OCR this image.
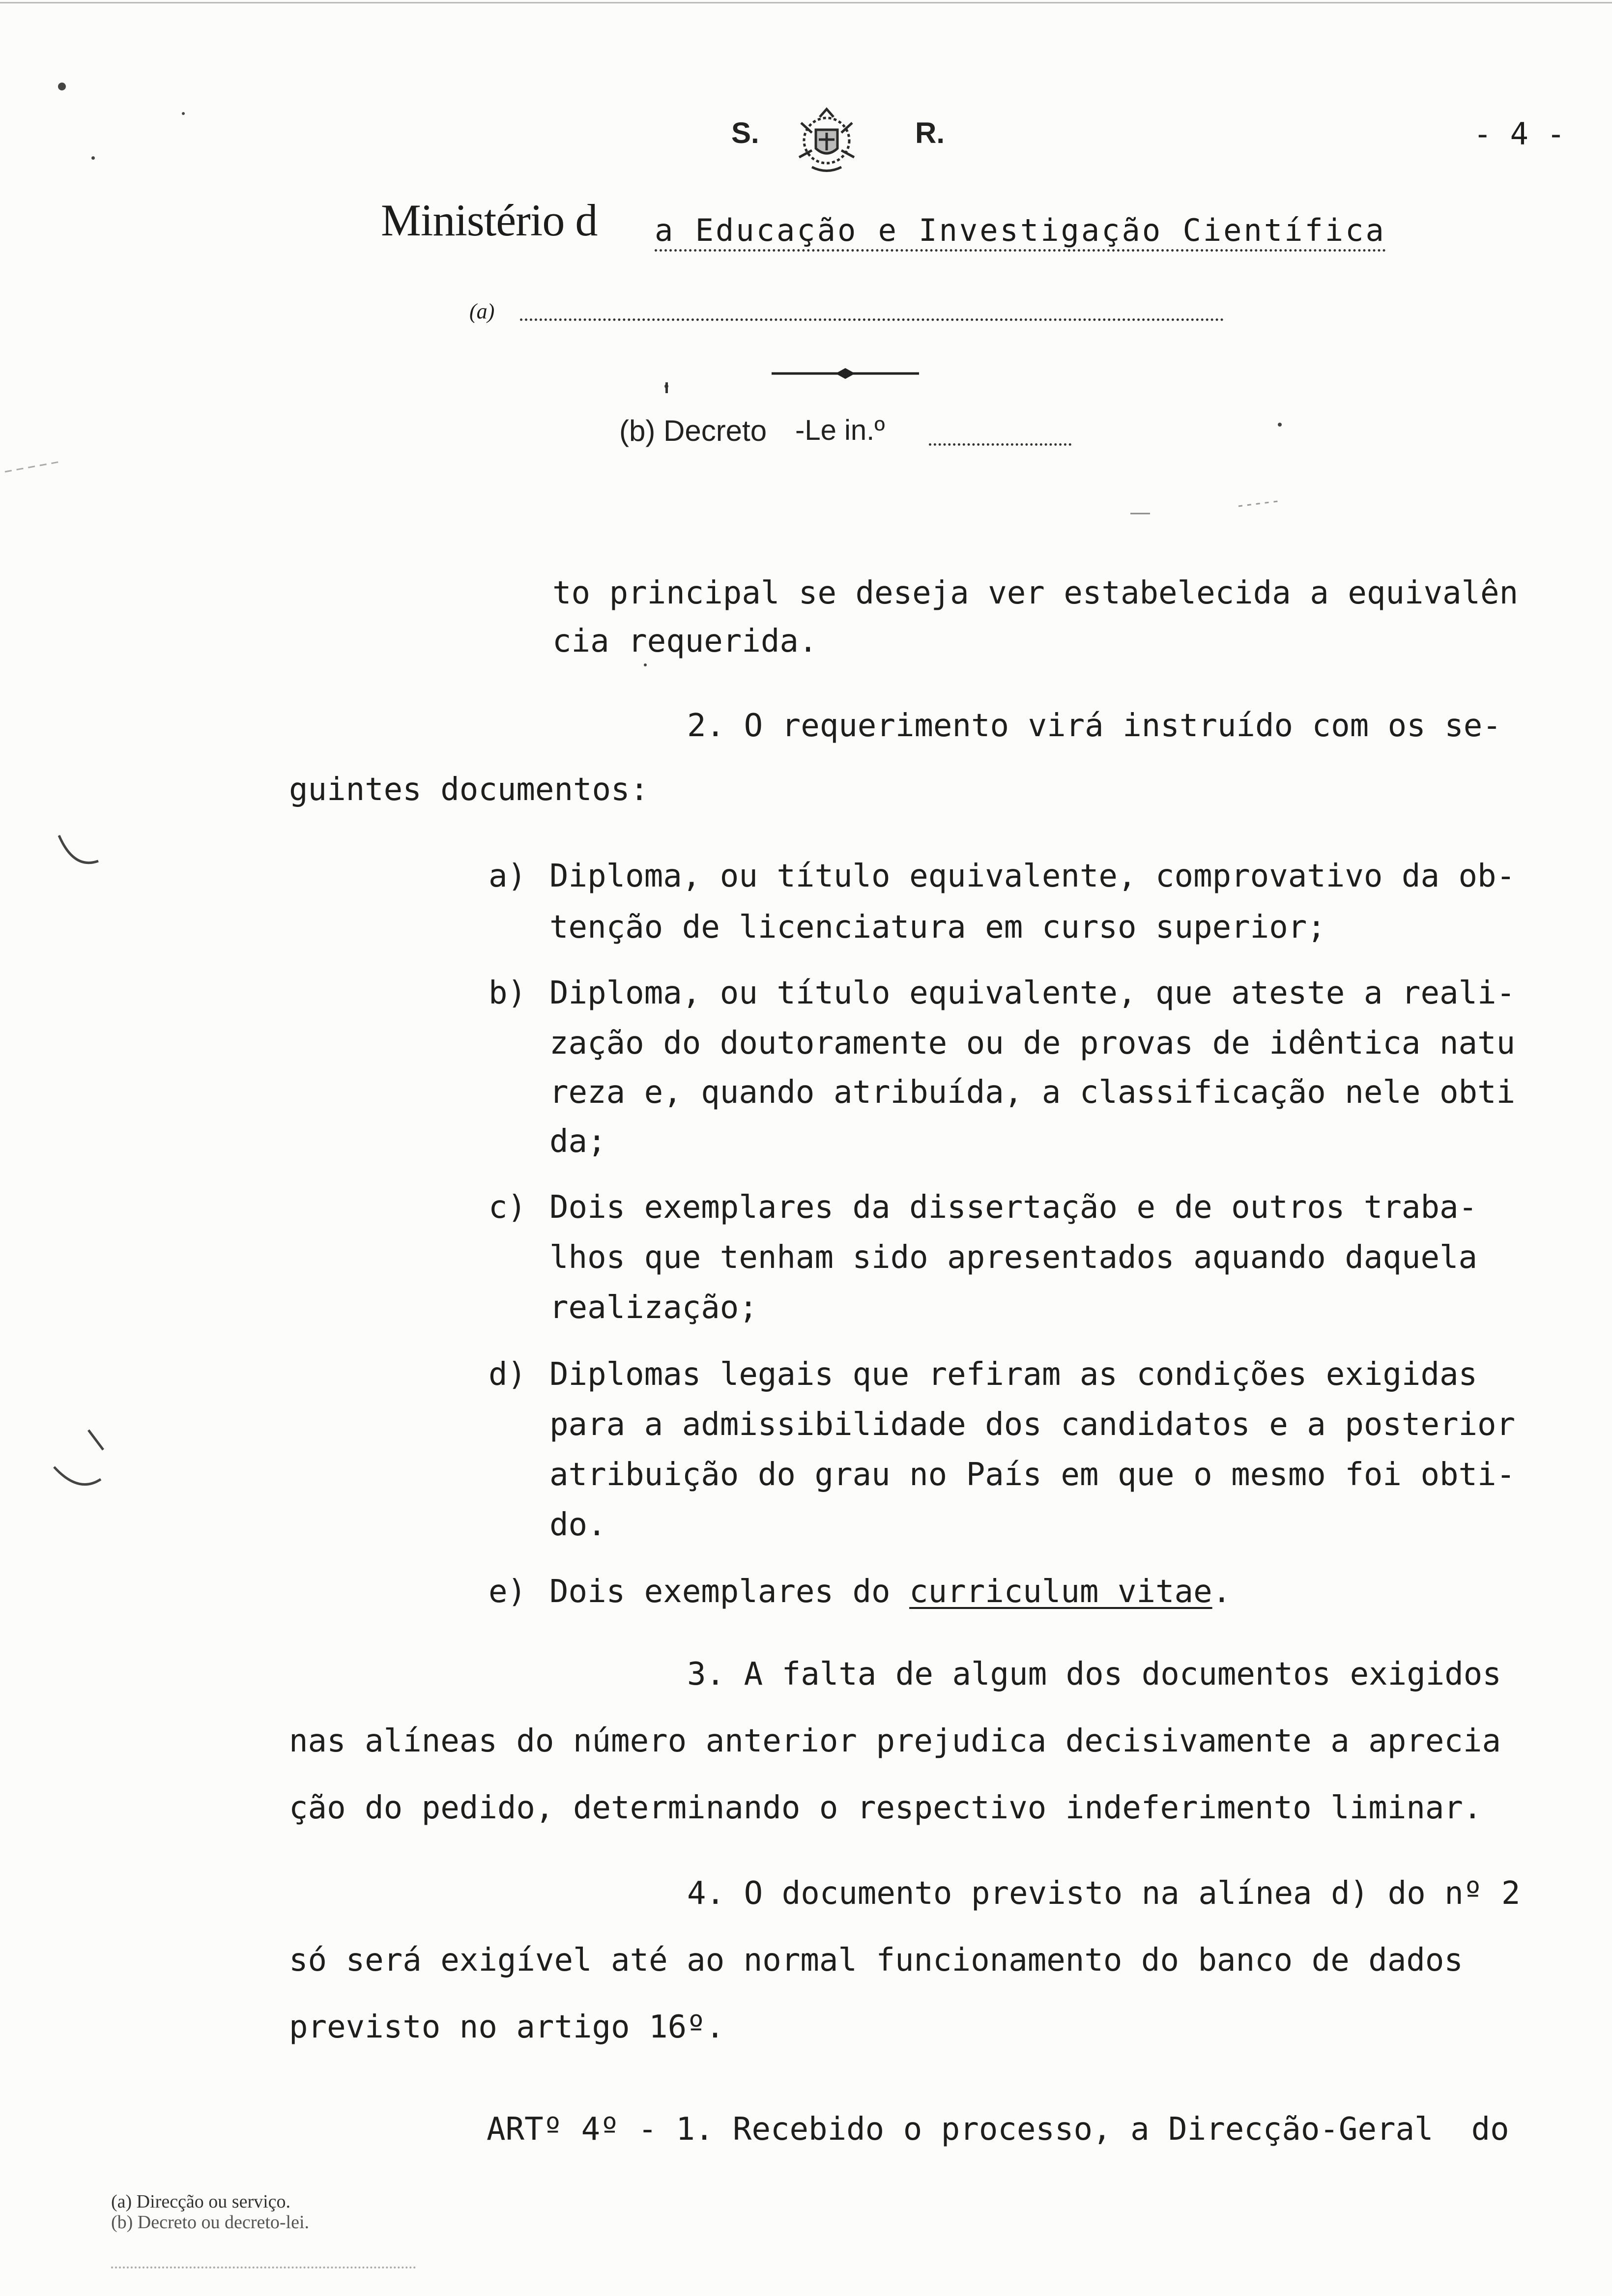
S.	R.	- 4 -
Ministério d a Educação e Investigação Científica
(a)
(b) Decreto -Le in.º
to principal se deseja ver estabelecida a equivalên
cia requerida.
2. O requerimento virá instruído com os se-
guintes documentos:
a) Diploma, ou título equivalente, comprovativo da ob-
tenção de licenciatura em curso superior;
b) Diploma, ou título equivalente, que ateste a reali-
zação do doutoramente ou de provas de idêntica natu
reza e, quando atribuída, a classificação nele obti
da;
c) Dois exemplares da dissertação e de outros traba-
lhos que tenham sido apresentados aquando daquela
realização;
d) Diplomas legais que refiram as condições exigidas
para a admissibilidade dos candidatos e a posterior
atribuição do grau no País em que o mesmo foi obti-
do.
e) Dois exemplares do curriculum vitae.
3. A falta de algum dos documentos exigidos
nas alíneas do número anterior prejudica decisivamente a aprecia
ção do pedido, determinando o respectivo indeferimento liminar.
4. O documento previsto na alínea d) do nº 2
só será exigível até ao normal funcionamento do banco de dados
previsto no artigo 16º.
ARTº 4º - 1. Recebido o processo, a Direcção-Geral  do
(a) Direcção ou serviço.
(b) Decreto ou decreto-lei.
